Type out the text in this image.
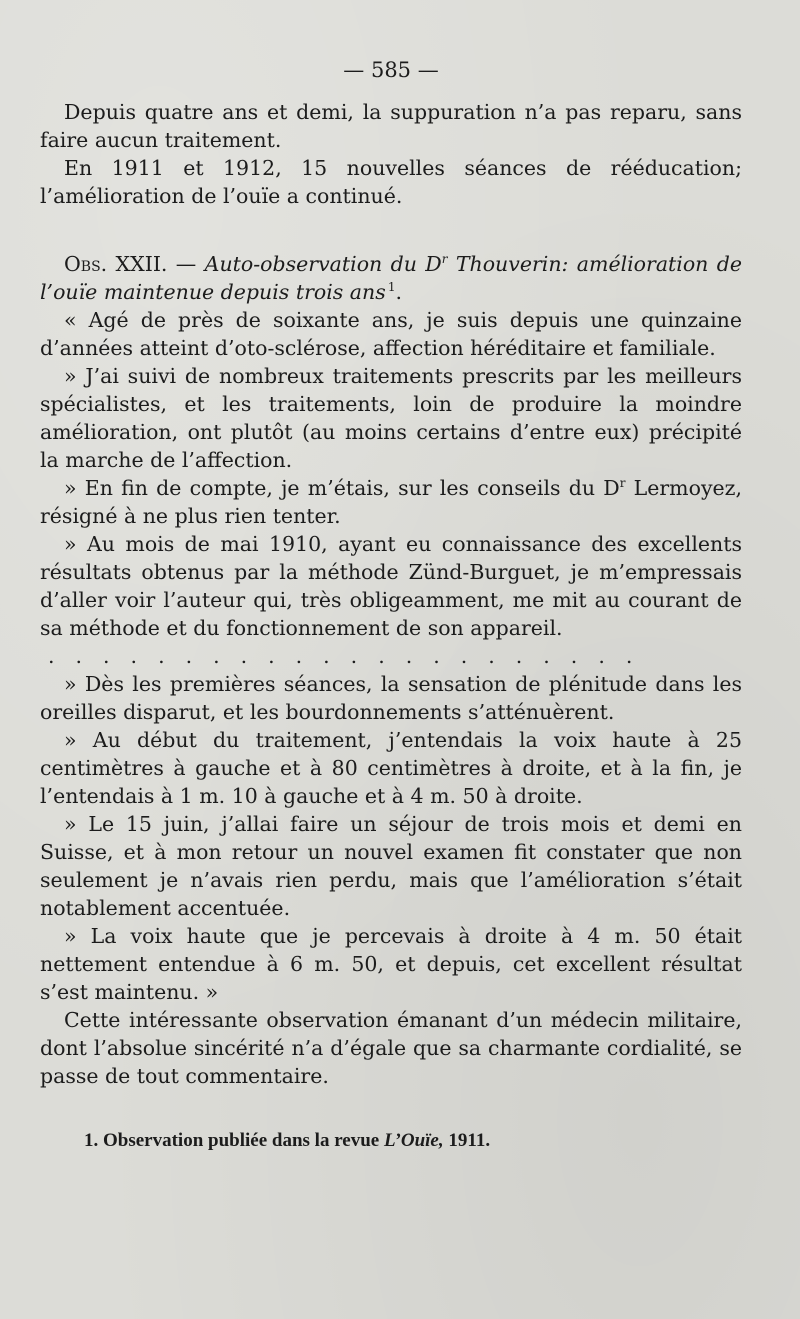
— 585 —

Depuis quatre ans et demi, la suppuration n’a pas reparu, sans faire aucun traitement.

En 1911 et 1912, 15 nouvelles séances de rééducation; l’amélioration de l’ouïe a continué.

Obs. XXII. — Auto-observation du $D^r$ Thouverin: amélioration de l’ouïe maintenue depuis trois ans  $^1$.

« Agé de près de soixante ans, je suis depuis une quinzaine d’années atteint d’oto-sclérose, affection héréditaire et familiale.

» J’ai suivi de nombreux traitements prescrits par les meilleurs spécialistes, et les traitements, loin de produire la moindre amélioration, ont plutôt (au moins certains d’entre eux) précipité la marche de l’affection.

» En fin de compte, je m’étais, sur les conseils du $D^r$ Lermoyez, résigné à ne plus rien tenter.

» Au mois de mai 1910, ayant eu connaissance des excellents résultats obtenus par la méthode Zünd-Burguet, je m’empressais d’aller voir l’auteur qui, très obligeamment, me mit au courant de sa méthode et du fonctionnement de son appareil.

......................

» Dès les premières séances, la sensation de plénitude dans les oreilles disparut, et les bourdonnements s’atténuèrent.

» Au début du traitement, j’entendais la voix haute à 25 centimètres à gauche et à 80 centimètres à droite, et à la fin, je l’entendais à 1 m. 10 à gauche et à 4 m. 50 à droite.

» Le 15 juin, j’allai faire un séjour de trois mois et demi en Suisse, et à mon retour un nouvel examen fit constater que non seulement je n’avais rien perdu, mais que l’amélioration s’était notablement accentuée.

» La voix haute que je percevais à droite à 4 m. 50 était nettement entendue à 6 m. 50, et depuis, cet excellent résultat s’est maintenu. »

Cette intéressante observation émanant d’un médecin militaire, dont l’absolue sincérité n’a d’égale que sa charmante cordialité, se passe de tout commentaire.

1. Observation publiée dans la revue L’Ouïe, 1911.
